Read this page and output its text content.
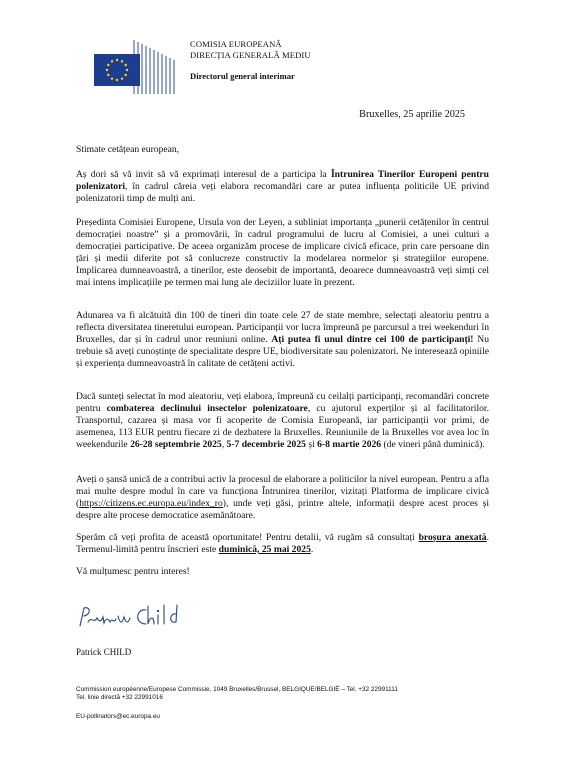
COMISIA EUROPEANĂ
DIRECȚIA GENERALĂ MEDIU
Directorul general interimar
Bruxelles, 25 aprilie 2025

Stimate cetățean european,

Aș dori să vă invit să vă exprimați interesul de a participa la Întrunirea Tinerilor Europeni pentru polenizatori, în cadrul căreia veți elabora recomandări care ar putea influența politicile UE privind polenizatorii timp de mulți ani.

Președinta Comisiei Europene, Ursula von der Leyen, a subliniat importanța „punerii cetățenilor în centrul democrației noastre” și a promovării, în cadrul programului de lucru al Comisiei, a unei culturi a democrației participative. De aceea organizăm procese de implicare civică eficace, prin care persoane din țări și medii diferite pot să conlucreze constructiv la modelarea normelor și strategiilor europene. Implicarea dumneavoastră, a tinerilor, este deosebit de importantă, deoarece dumneavoastră veți simți cel mai intens implicațiile pe termen mai lung ale deciziilor luate în prezent.

Adunarea va fi alcătuită din 100 de tineri din toate cele 27 de state membre, selectați aleatoriu pentru a reflecta diversitatea tineretului european. Participanții vor lucra împreună pe parcursul a trei weekenduri în Bruxelles, dar și în cadrul unor reuniuni online. Ați putea fi unul dintre cei 100 de participanți! Nu trebuie să aveți cunoștințe de specialitate despre UE, biodiversitate sau polenizatori. Ne interesează opiniile și experiența dumneavoastră în calitate de cetățeni activi.

Dacă sunteți selectat în mod aleatoriu, veți elabora, împreună cu ceilalți participanți, recomandări concrete pentru combaterea declinului insectelor polenizatoare, cu ajutorul experților și al facilitatorilor. Transportul, cazarea și masa vor fi acoperite de Comisia Europeană, iar participanții vor primi, de asemenea, 113 EUR pentru fiecare zi de dezbatere la Bruxelles. Reuniunile de la Bruxelles vor avea loc în weekendurile 26-28 septembrie 2025, 5-7 decembrie 2025 și 6-8 martie 2026 (de vineri până duminică).

Aveți o șansă unică de a contribui activ la procesul de elaborare a politicilor la nivel european. Pentru a afla mai multe despre modul în care va funcționa Întrunirea tinerilor, vizitați Platforma de implicare civică (https://citizens.ec.europa.eu/index_ro), unde veți găsi, printre altele, informații despre acest proces și despre alte procese democratice asemănătoare.

Sperăm că veți profita de această oportunitate! Pentru detalii, vă rugăm să consultați broșura anexată. Termenul-limită pentru înscrieri este duminică, 25 mai 2025.

Vă mulțumesc pentru interes!

Patrick CHILD
Commission européenne/Europese Commissie, 1049 Bruxelles/Brussel, BELGIQUE/BELGIË – Tel. +32 22991111
Tel. linie directă +32 22991016
EU-pollinators@ec.europa.eu
